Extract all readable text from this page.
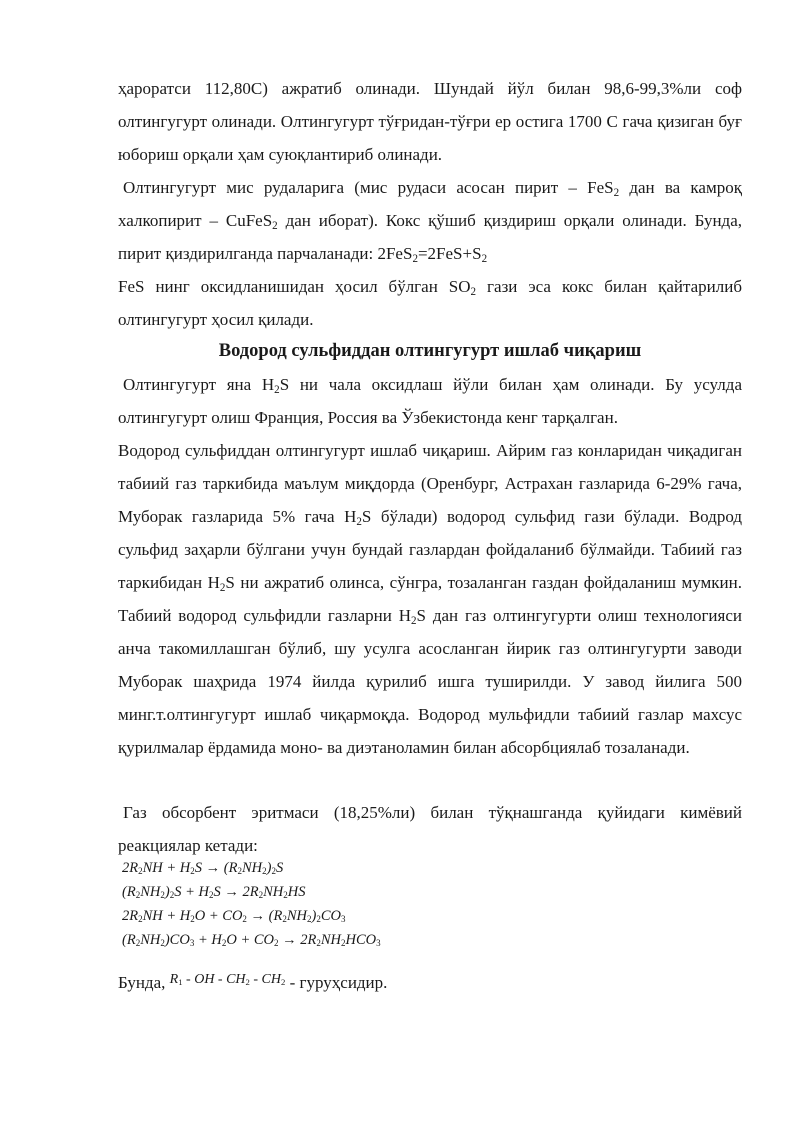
ҳароратси 112,80С) ажратиб олинади. Шундай йўл билан 98,6-99,3%ли соф олтингугурт олинади. Олтингугурт тўғридан-тўғри ер остига 1700 С гача қизиган буғ юбориш орқали ҳам суюқлантириб олинади.

Олтингугурт мис рудаларига (мис рудаси асосан пирит – FeS$_2$ дан ва камроқ халкопирит – CuFeS$_2$ дан иборат). Кокс қўшиб қиздириш орқали олинади. Бунда, пирит қиздирилганда парчаланади: $2FeS_2=2FeS+S_2$

FeS нинг оксидланишидан ҳосил бўлган $SO_2$ гази эса кокс билан қайтарилиб олтингугурт ҳосил қилади.

Водород сульфиддан олтингугурт ишлаб чиқариш

Олтингугурт яна $H_2S$ ни чала оксидлаш йўли билан ҳам олинади. Бу усулда олтингугурт олиш Франция, Россия ва Ўзбекистонда кенг тарқалган.

Водород сульфиддан олтингугурт ишлаб чиқариш. Айрим газ конларидан чиқадиган табиий газ таркибида маълум миқдорда (Оренбург, Астрахан газларида 6-29% гача, Муборак газларида 5% гача $H_2S$ бўлади) водород сульфид гази бўлади. Водрод сульфид заҳарли бўлгани учун бундай газлардан фойдаланиб бўлмайди. Табиий газ таркибидан $H_2S$ ни ажратиб олинса, сўнгра, тозаланган газдан фойдаланиш мумкин. Табиий водород сульфидли газларни $H_2S$ дан газ олтингугурти олиш технологияси анча такомиллашган бўлиб, шу усулга асосланган йирик газ олтингугурти заводи Муборак шаҳрида 1974 йилда қурилиб ишга туширилди. У завод йилига 500 минг.т.олтингугурт ишлаб чиқармоқда. Водород мульфидли табиий газлар махсус қурилмалар ёрдамида моно- ва диэтаноламин билан абсорбциялаб тозаланади.

Газ обсорбент эритмаси (18,25%ли) билан тўқнашганда қуйидаги кимёвий реакциялар кетади:

$2R_2NH + H_2S \to (R_2NH_2)_2S$
$(R_2NH_2)_2S + H_2S \to 2R_2NH_2HS$
$2R_2NH + H_2O + CO_2 \to (R_2NH_2)_2CO_3$
$(R_2NH_2)CO_3 + H_2O + CO_2 \to 2R_2NH_2HCO_3$
Бунда, $^{R_1 - OH - CH_2 - CH_2}$ - гуруҳсидир.
